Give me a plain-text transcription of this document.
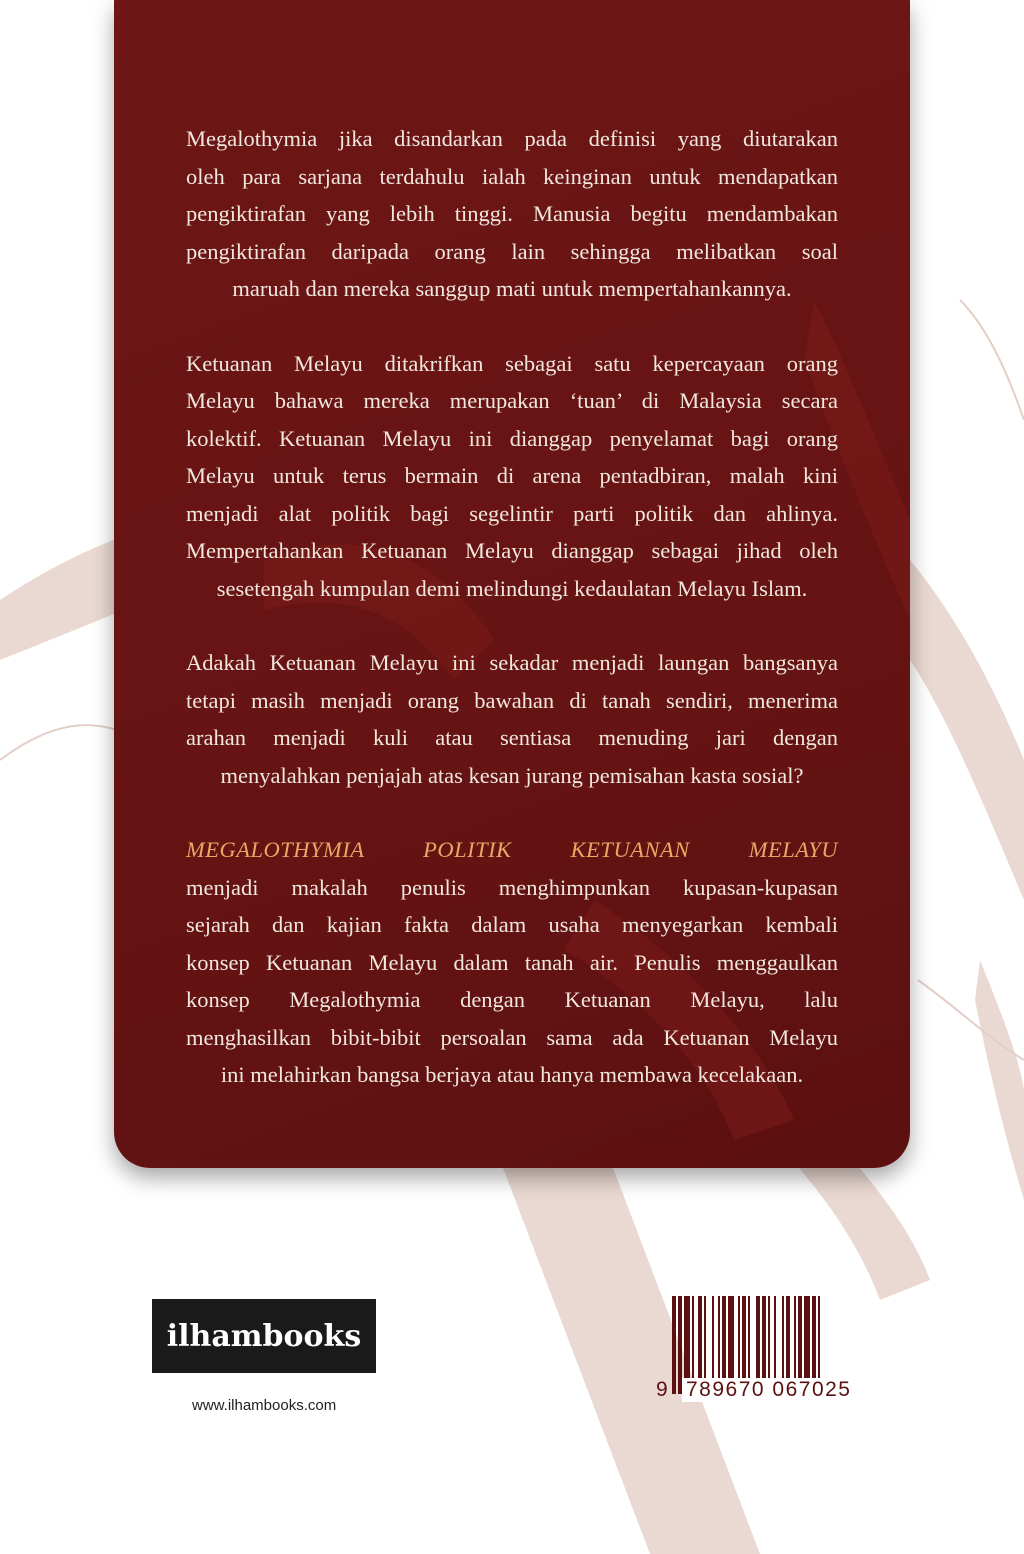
Megalothymia jika disandarkan pada definisi yang diutarakan
oleh para sarjana terdahulu ialah keinginan untuk mendapatkan
pengiktirafan yang lebih tinggi. Manusia begitu mendambakan
pengiktirafan daripada orang lain sehingga melibatkan soal
maruah dan mereka sanggup mati untuk mempertahankannya.
Ketuanan Melayu ditakrifkan sebagai satu kepercayaan orang
Melayu bahawa mereka merupakan ‘tuan’ di Malaysia secara
kolektif. Ketuanan Melayu ini dianggap penyelamat bagi orang
Melayu untuk terus bermain di arena pentadbiran, malah kini
menjadi alat politik bagi segelintir parti politik dan ahlinya.
Mempertahankan Ketuanan Melayu dianggap sebagai jihad oleh
sesetengah kumpulan demi melindungi kedaulatan Melayu Islam.
Adakah Ketuanan Melayu ini sekadar menjadi laungan bangsanya
tetapi masih menjadi orang bawahan di tanah sendiri, menerima
arahan menjadi kuli atau sentiasa menuding jari dengan
menyalahkan penjajah atas kesan jurang pemisahan kasta sosial?
MEGALOTHYMIA POLITIK KETUANAN MELAYU
menjadi makalah penulis menghimpunkan kupasan-kupasan
sejarah dan kajian fakta dalam usaha menyegarkan kembali
konsep Ketuanan Melayu dalam tanah air. Penulis menggaulkan
konsep Megalothymia dengan Ketuanan Melayu, lalu
menghasilkan bibit-bibit persoalan sama ada Ketuanan Melayu
ini melahirkan bangsa berjaya atau hanya membawa kecelakaan.
ilhambooks
www.ilhambooks.com
9 789670 067025
